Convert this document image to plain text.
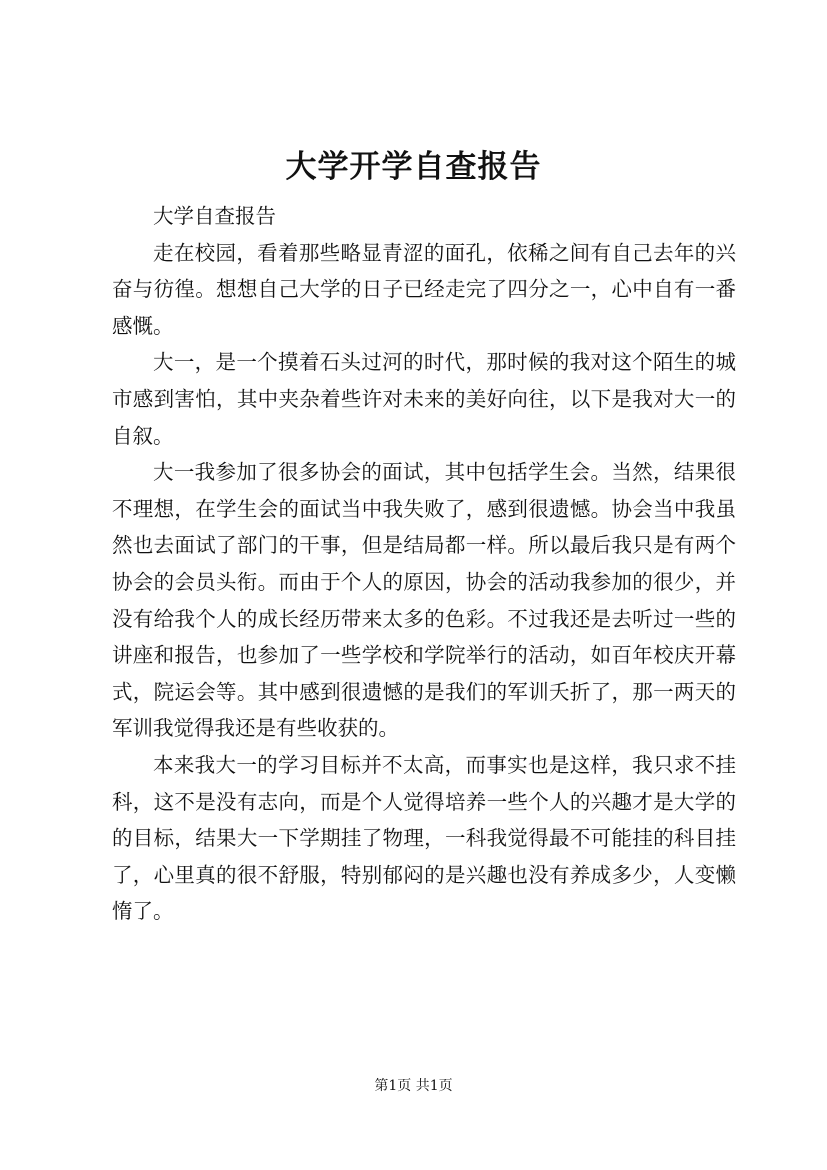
大学开学自查报告

大学自查报告

走在校园，看着那些略显青涩的面孔，依稀之间有自己去年的兴奋与彷徨。想想自己大学的日子已经走完了四分之一，心中自有一番感慨。

大一，是一个摸着石头过河的时代，那时候的我对这个陌生的城市感到害怕，其中夹杂着些许对未来的美好向往，以下是我对大一的自叙。

大一我参加了很多协会的面试，其中包括学生会。当然，结果很不理想，在学生会的面试当中我失败了，感到很遗憾。协会当中我虽然也去面试了部门的干事，但是结局都一样。所以最后我只是有两个协会的会员头衔。而由于个人的原因，协会的活动我参加的很少，并没有给我个人的成长经历带来太多的色彩。不过我还是去听过一些的讲座和报告，也参加了一些学校和学院举行的活动，如百年校庆开幕式，院运会等。其中感到很遗憾的是我们的军训夭折了，那一两天的军训我觉得我还是有些收获的。

本来我大一的学习目标并不太高，而事实也是这样，我只求不挂科，这不是没有志向，而是个人觉得培养一些个人的兴趣才是大学的的目标，结果大一下学期挂了物理，一科我觉得最不可能挂的科目挂了，心里真的很不舒服，特别郁闷的是兴趣也没有养成多少，人变懒惰了。

第1页 共1页
